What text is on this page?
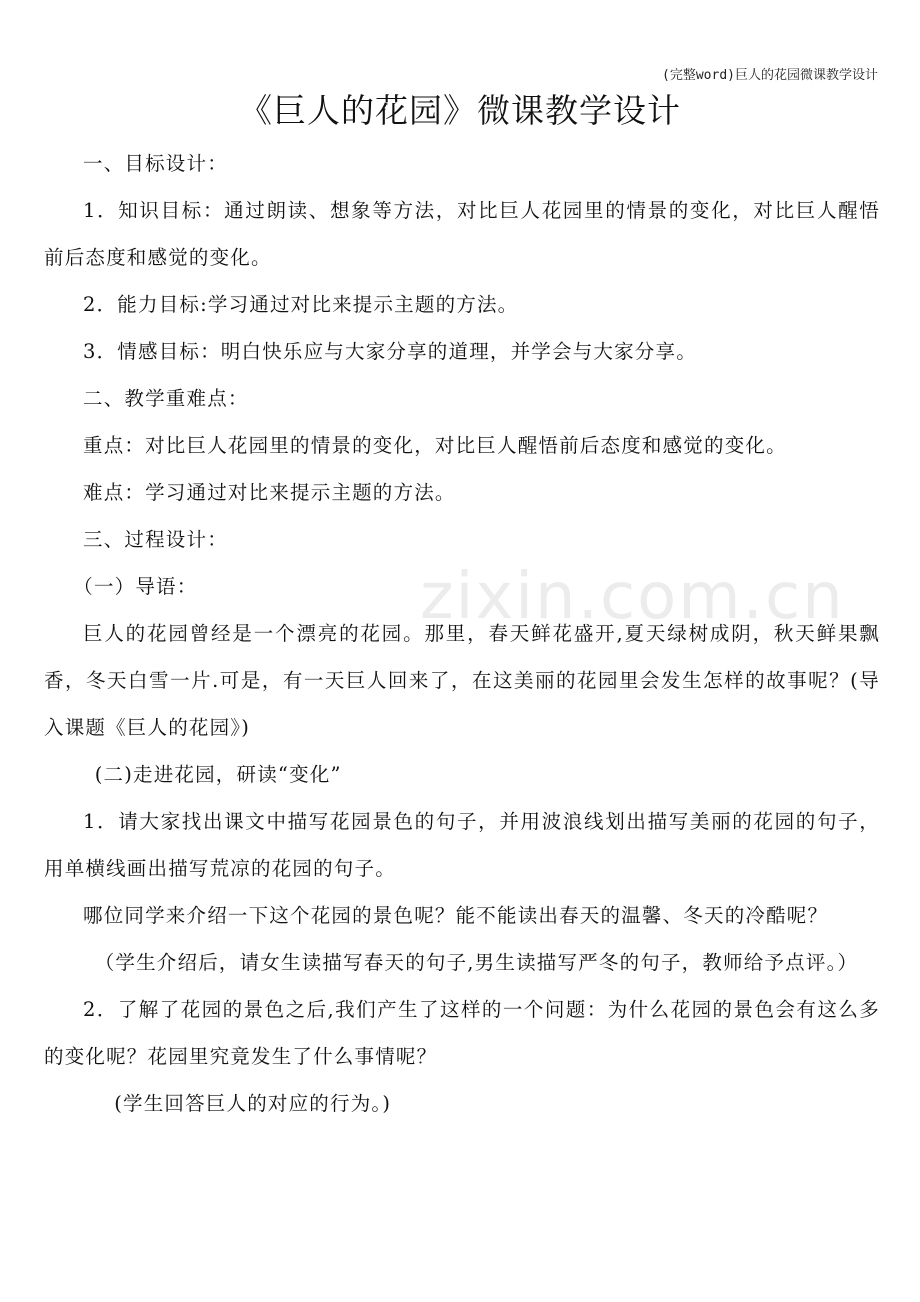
(完整word)巨人的花园微课教学设计
《巨人的花园》微课教学设计

一、目标设计：

1．知识目标：通过朗读、想象等方法，对比巨人花园里的情景的变化，对比巨人醒悟前后态度和感觉的变化。

2．能力目标:学习通过对比来提示主题的方法。

3．情感目标：明白快乐应与大家分享的道理，并学会与大家分享。

二、教学重难点：

重点：对比巨人花园里的情景的变化，对比巨人醒悟前后态度和感觉的变化。

难点：学习通过对比来提示主题的方法。

三、过程设计：

（一）导语：

巨人的花园曾经是一个漂亮的花园。那里，春天鲜花盛开,夏天绿树成阴，秋天鲜果飘香，冬天白雪一片.可是，有一天巨人回来了，在这美丽的花园里会发生怎样的故事呢？(导入课题《巨人的花园》)

(二)走进花园，研读“变化”

1．请大家找出课文中描写花园景色的句子，并用波浪线划出描写美丽的花园的句子，用单横线画出描写荒凉的花园的句子。

哪位同学来介绍一下这个花园的景色呢？能不能读出春天的温馨、冬天的冷酷呢？

（学生介绍后，请女生读描写春天的句子,男生读描写严冬的句子，教师给予点评。）

2．了解了花园的景色之后,我们产生了这样的一个问题：为什么花园的景色会有这么多的变化呢？花园里究竟发生了什么事情呢？

(学生回答巨人的对应的行为。)

zixin.com.cn
